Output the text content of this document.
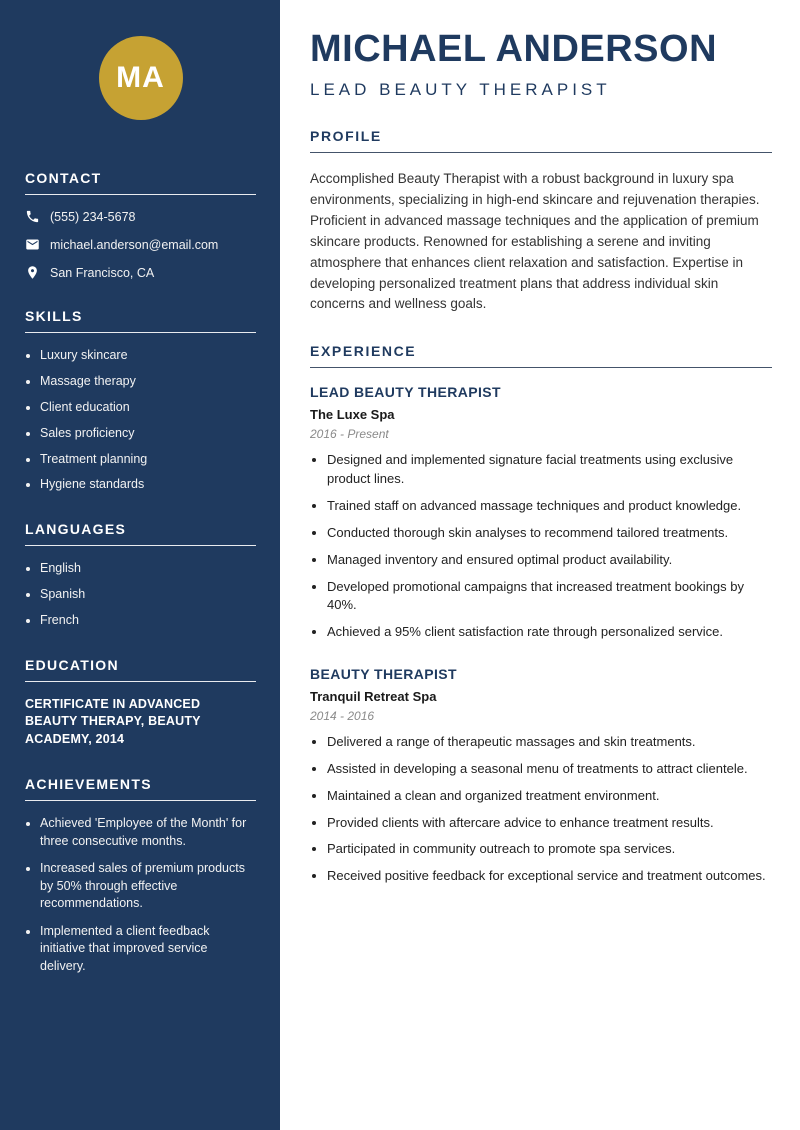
MA
CONTACT
(555) 234-5678
michael.anderson@email.com
San Francisco, CA
SKILLS
• Luxury skincare
• Massage therapy
• Client education
• Sales proficiency
• Treatment planning
• Hygiene standards
LANGUAGES
• English
• Spanish
• French
EDUCATION
CERTIFICATE IN ADVANCED BEAUTY THERAPY, BEAUTY ACADEMY, 2014
ACHIEVEMENTS
• Achieved 'Employee of the Month' for three consecutive months.
• Increased sales of premium products by 50% through effective recommendations.
• Implemented a client feedback initiative that improved service delivery.
MICHAEL ANDERSON
LEAD BEAUTY THERAPIST
PROFILE

Accomplished Beauty Therapist with a robust background in luxury spa environments, specializing in high-end skincare and rejuvenation therapies. Proficient in advanced massage techniques and the application of premium skincare products. Renowned for establishing a serene and inviting atmosphere that enhances client relaxation and satisfaction. Expertise in developing personalized treatment plans that address individual skin concerns and wellness goals.

EXPERIENCE
LEAD BEAUTY THERAPIST
The Luxe Spa
2016 - Present
• Designed and implemented signature facial treatments using exclusive product lines.
• Trained staff on advanced massage techniques and product knowledge.
• Conducted thorough skin analyses to recommend tailored treatments.
• Managed inventory and ensured optimal product availability.
• Developed promotional campaigns that increased treatment bookings by 40%.
• Achieved a 95% client satisfaction rate through personalized service.
BEAUTY THERAPIST
Tranquil Retreat Spa
2014 - 2016
• Delivered a range of therapeutic massages and skin treatments.
• Assisted in developing a seasonal menu of treatments to attract clientele.
• Maintained a clean and organized treatment environment.
• Provided clients with aftercare advice to enhance treatment results.
• Participated in community outreach to promote spa services.
• Received positive feedback for exceptional service and treatment outcomes.
